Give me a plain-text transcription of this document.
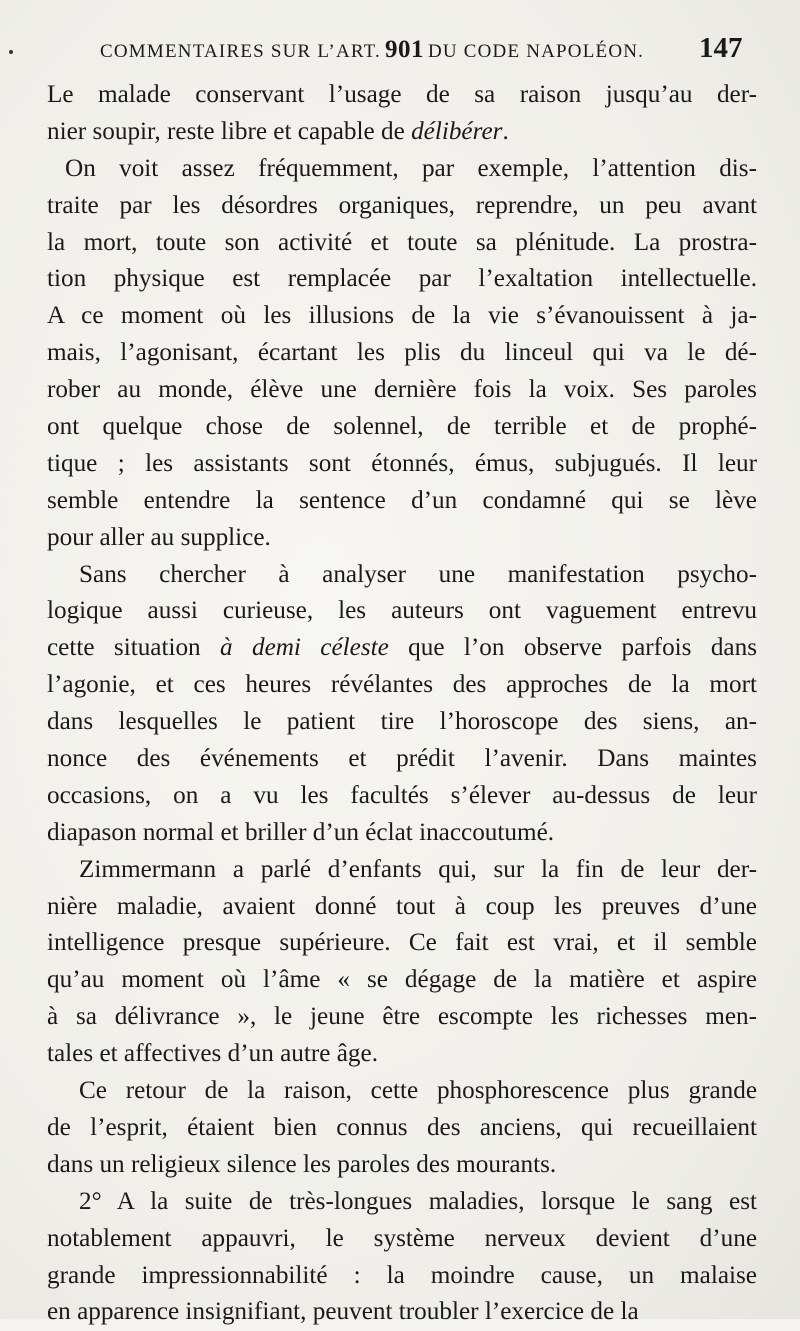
COMMENTAIRES SUR L’ART. 901 DU CODE NAPOLÉON. 147
Le malade conservant l’usage de sa raison jusqu’au der-
nier soupir, reste libre et capable de délibérer.
On voit assez fréquemment, par exemple, l’attention dis-
traite par les désordres organiques, reprendre, un peu avant
la mort, toute son activité et toute sa plénitude. La prostra-
tion physique est remplacée par l’exaltation intellectuelle.
A ce moment où les illusions de la vie s’évanouissent à ja-
mais, l’agonisant, écartant les plis du linceul qui va le dé-
rober au monde, élève une dernière fois la voix. Ses paroles
ont quelque chose de solennel, de terrible et de prophé-
tique ; les assistants sont étonnés, émus, subjugués. Il leur
semble entendre la sentence d’un condamné qui se lève
pour aller au supplice.
Sans chercher à analyser une manifestation psycho-
logique aussi curieuse, les auteurs ont vaguement entrevu
cette situation à demi céleste que l’on observe parfois dans
l’agonie, et ces heures révélantes des approches de la mort
dans lesquelles le patient tire l’horoscope des siens, an-
nonce des événements et prédit l’avenir. Dans maintes
occasions, on a vu les facultés s’élever au-dessus de leur
diapason normal et briller d’un éclat inaccoutumé.
Zimmermann a parlé d’enfants qui, sur la fin de leur der-
nière maladie, avaient donné tout à coup les preuves d’une
intelligence presque supérieure. Ce fait est vrai, et il semble
qu’au moment où l’âme « se dégage de la matière et aspire
à sa délivrance », le jeune être escompte les richesses men-
tales et affectives d’un autre âge.
Ce retour de la raison, cette phosphorescence plus grande
de l’esprit, étaient bien connus des anciens, qui recueillaient
dans un religieux silence les paroles des mourants.
2° A la suite de très-longues maladies, lorsque le sang est
notablement appauvri, le système nerveux devient d’une
grande impressionnabilité : la moindre cause, un malaise
en apparence insignifiant, peuvent troubler l’exercice de la
